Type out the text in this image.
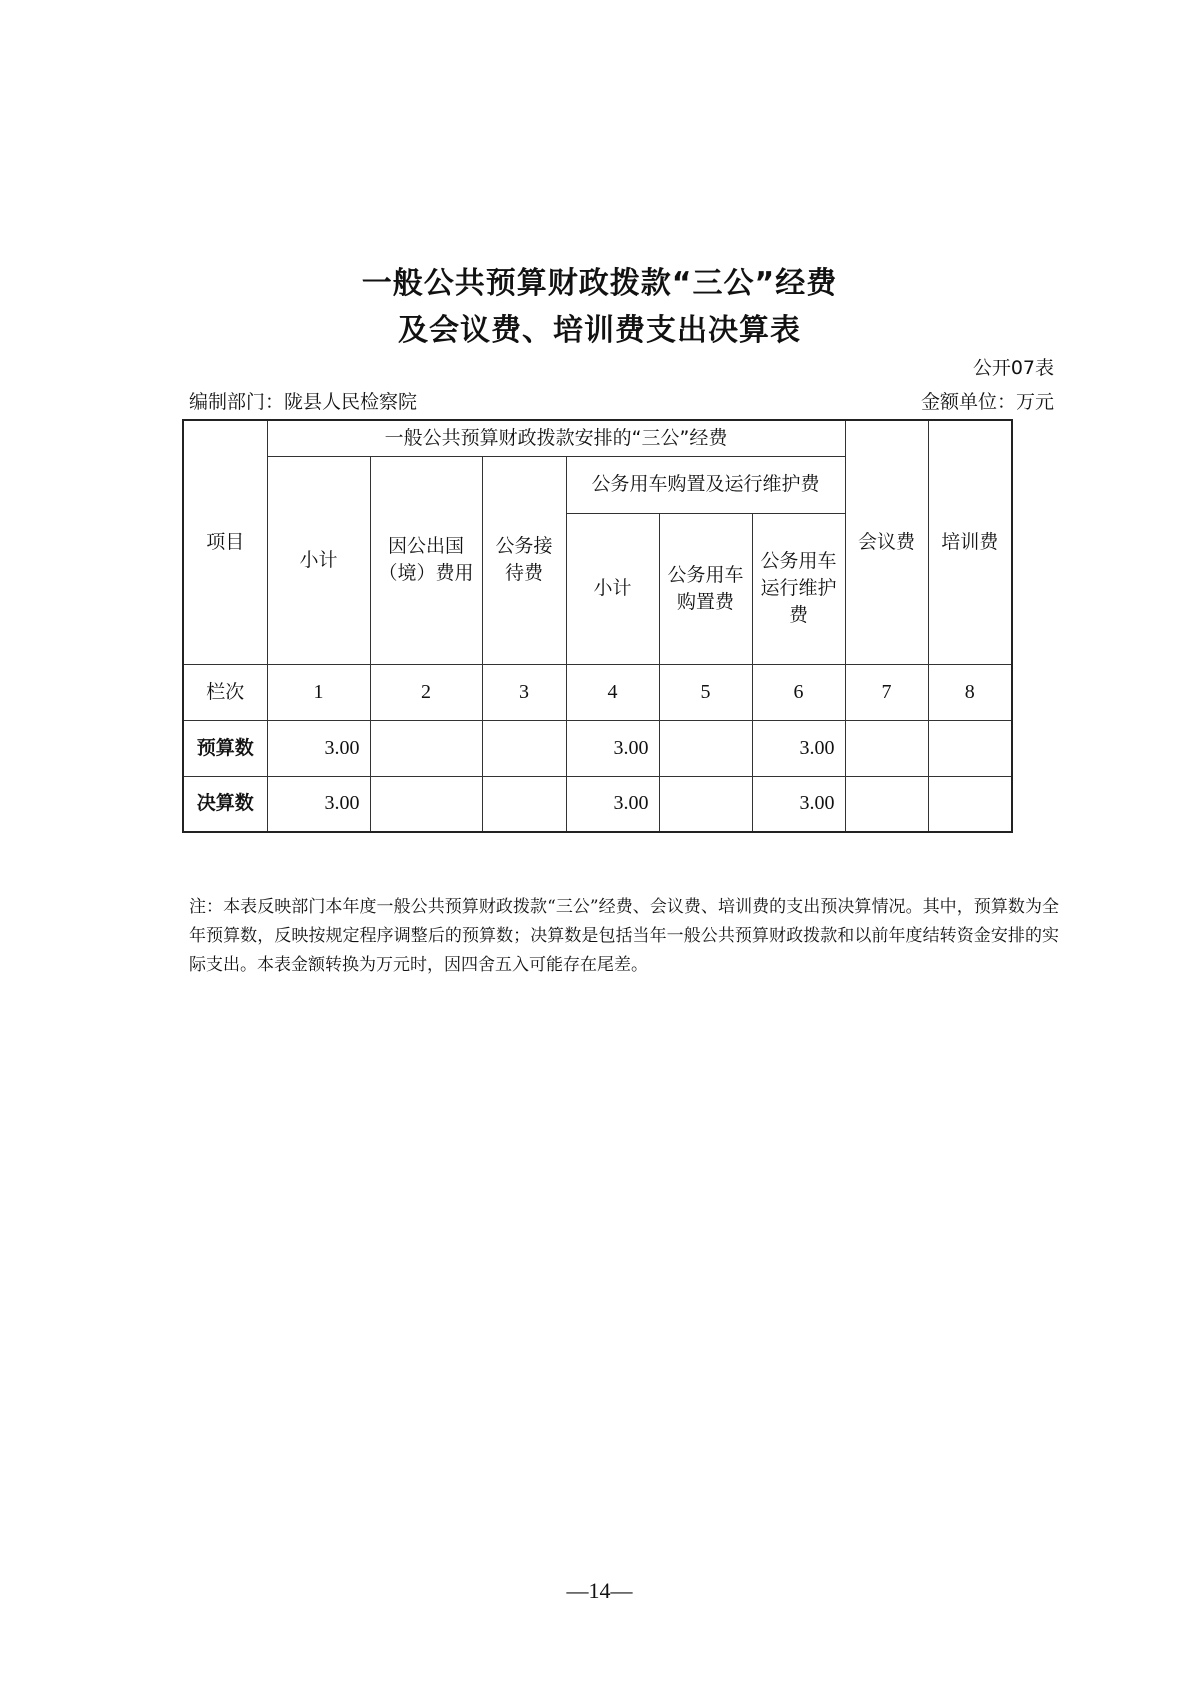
一般公共预算财政拨款“三公”经费
及会议费、培训费支出决算表
公开07表
编制部门：陇县人民检察院	金额单位：万元
项目	一般公共预算财政拨款安排的“三公”经费						会议费	培训费
	小计	因公出国（境）费用	公务接待费	公务用车购置及运行维护费				
				小计	公务用车购置费	公务用车运行维护费		
栏次	1	2	3	4	5	6	7	8
预算数	3.00			3.00		3.00		
决算数	3.00			3.00		3.00		

注：本表反映部门本年度一般公共预算财政拨款“三公”经费、会议费、培训费的支出预决算情况。其中，预算数为全年预算数，反映按规定程序调整后的预算数；决算数是包括当年一般公共预算财政拨款和以前年度结转资金安排的实际支出。本表金额转换为万元时，因四舍五入可能存在尾差。

—14—
